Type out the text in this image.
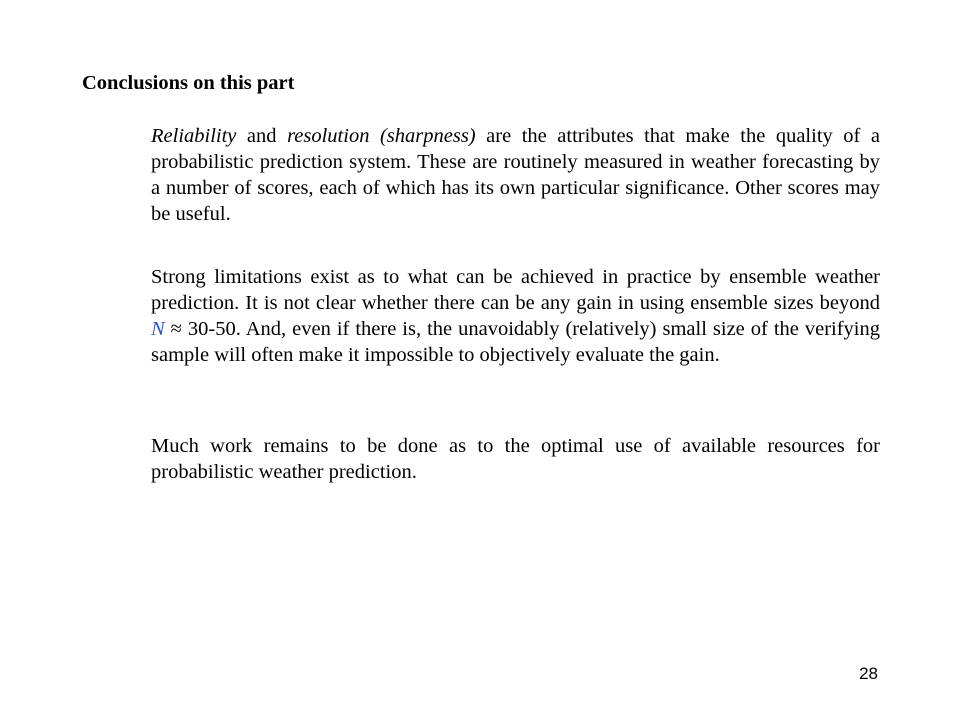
Conclusions on this part

Reliability and resolution (sharpness) are the attributes that make the quality of a probabilistic prediction system. These are routinely measured in weather forecasting by a number of scores, each of which has its own particular significance. Other scores may be useful.

Strong limitations exist as to what can be achieved in practice by ensemble weather prediction. It is not clear whether there can be any gain in using ensemble sizes beyond N ≈ 30-50. And, even if there is, the unavoidably (relatively) small size of the verifying sample will often make it impossible to objectively evaluate the gain.

Much work remains to be done as to the optimal use of available resources for probabilistic weather prediction.

28
